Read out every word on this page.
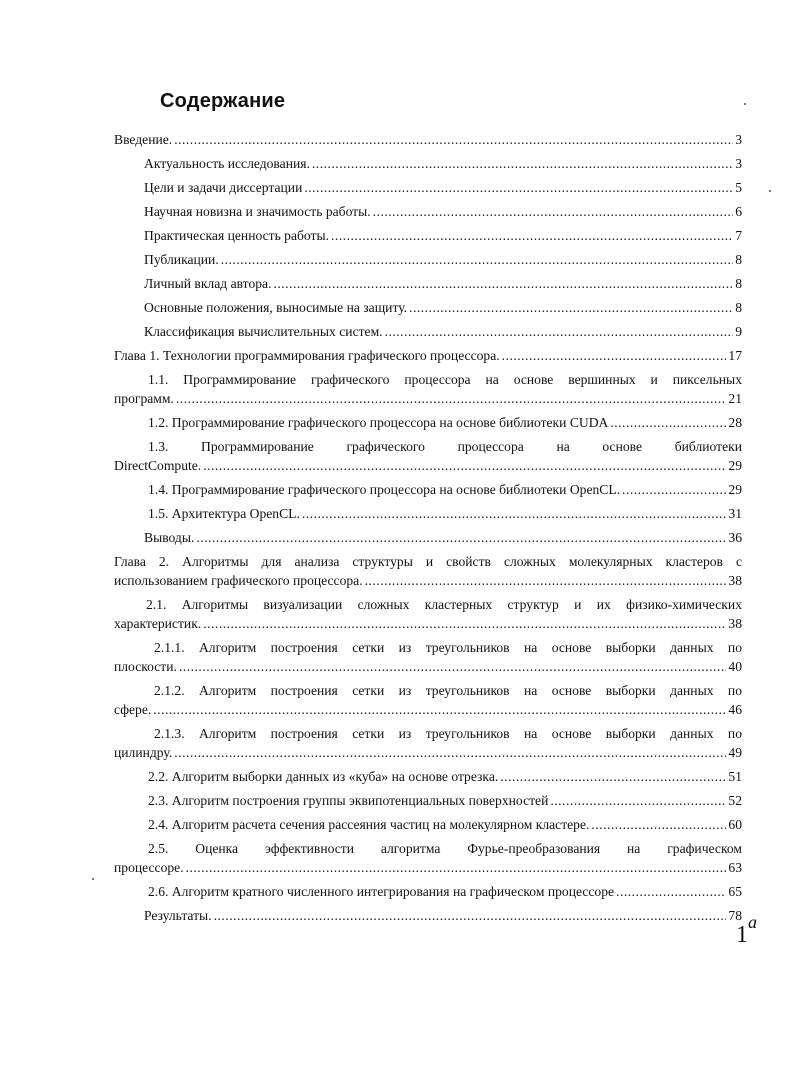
Содержание
Введение. .....	3
Актуальность исследования. .....	3
Цели и задачи диссертации .....	5
Научная новизна и значимость работы. .....	6
Практическая ценность работы. .....	7
Публикации. .....	8
Личный вклад автора. .....	8
Основные положения, выносимые на защиту. .....	8
Классификация вычислительных систем. .....	9
Глава 1. Технологии программирования графического процессора. .....	17
1.1. Программирование графического процессора на основе вершинных и пиксельных
программ. .....	21
1.2. Программирование графического процессора на основе библиотеки CUDA .....	28
1.3. Программирование графического процессора на основе библиотеки
DirectCompute. .....	29
1.4. Программирование графического процессора на основе библиотеки OpenCL. .....	29
1.5. Архитектура OpenCL. .....	31
Выводы. .....	36
Глава 2. Алгоритмы для анализа структуры и свойств сложных молекулярных кластеров с
использованием графического процессора. .....	38
2.1. Алгоритмы визуализации сложных кластерных структур и их физико-химических
характеристик. .....	38
2.1.1. Алгоритм построения сетки из треугольников на основе выборки данных по
плоскости. .....	40
2.1.2. Алгоритм построения сетки из треугольников на основе выборки данных по
сфере. .....	46
2.1.3. Алгоритм построения сетки из треугольников на основе выборки данных по
цилиндру. .....	49
2.2. Алгоритм выборки данных из «куба» на основе отрезка. .....	51
2.3. Алгоритм построения группы эквипотенциальных поверхностей .....	52
2.4. Алгоритм расчета сечения рассеяния частиц на молекулярном кластере. .....	60
2.5. Оценка эффективности алгоритма Фурье-преобразования на графическом
процессоре. .....	63
2.6. Алгоритм кратного численного интегрирования на графическом процессоре .....	65
Результаты. .....	78
1$^a$
